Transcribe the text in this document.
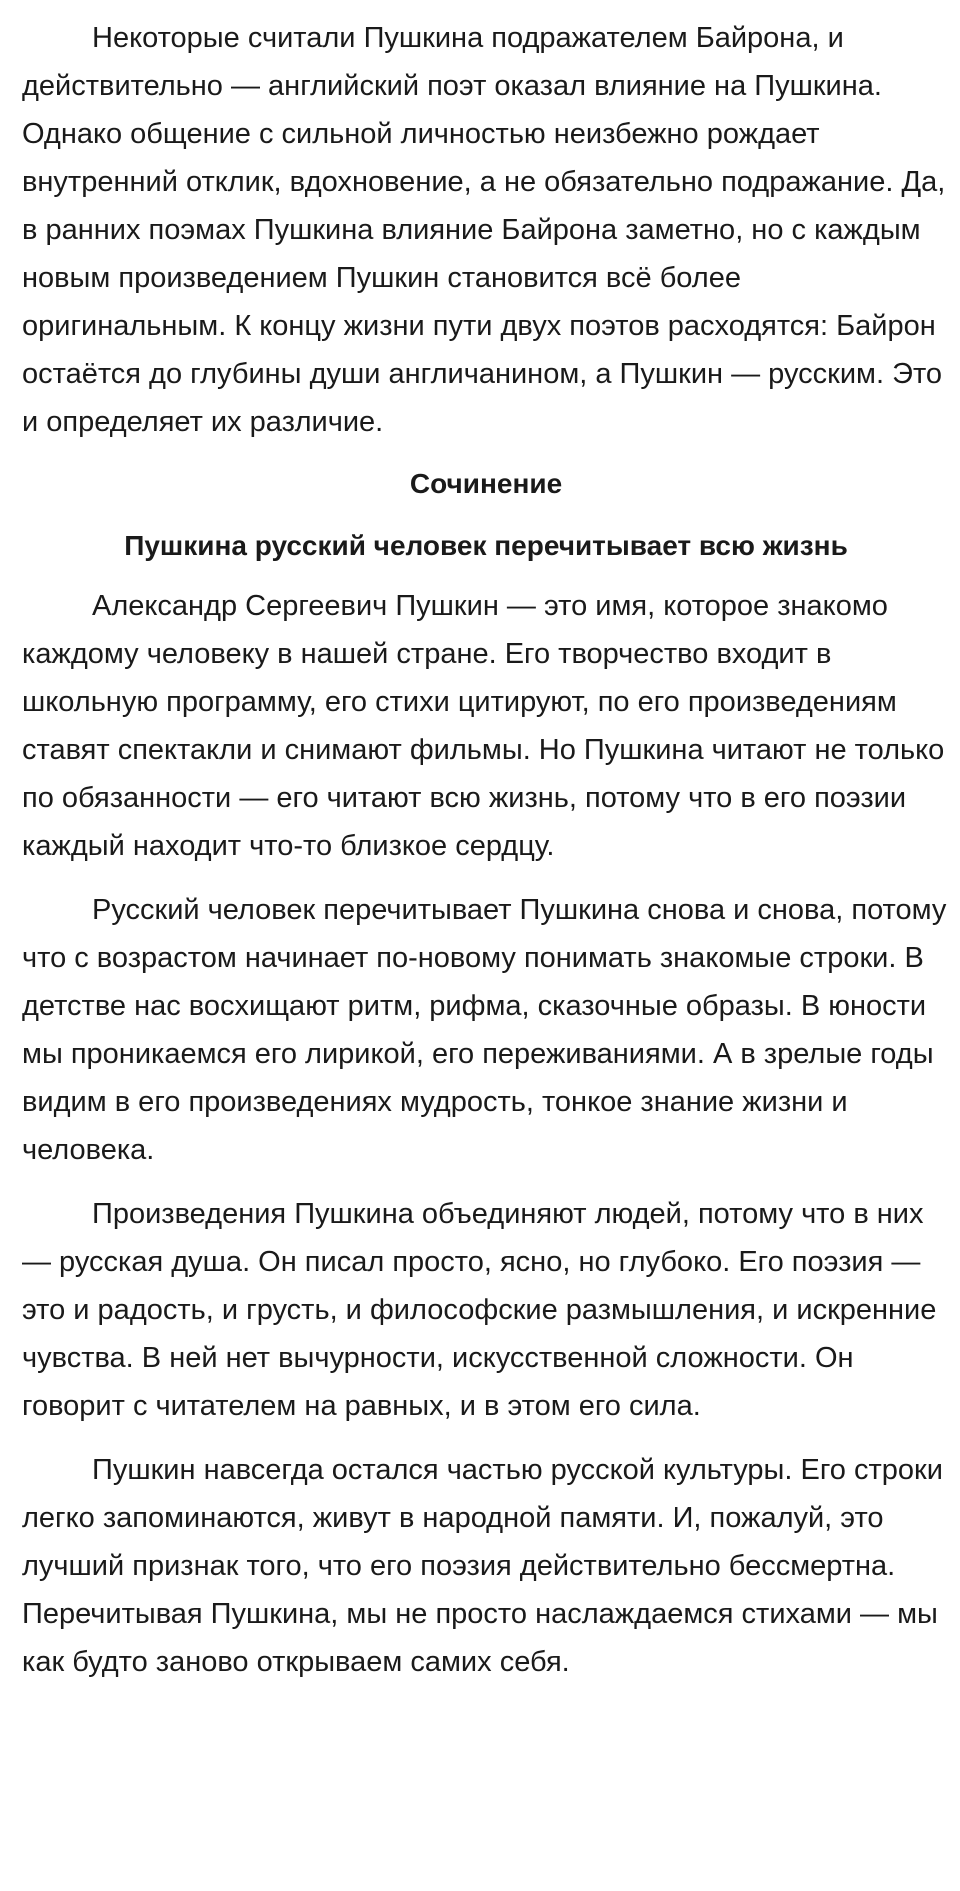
Некоторые считали Пушкина подражателем Байрона, и действительно — английский поэт оказал влияние на Пушкина. Однако общение с сильной личностью неизбежно рождает внутренний отклик, вдохновение, а не обязательно подражание. Да, в ранних поэмах Пушкина влияние Байрона заметно, но с каждым новым произведением Пушкин становится всё более оригинальным. К концу жизни пути двух поэтов расходятся: Байрон остаётся до глубины души англичанином, а Пушкин — русским. Это и определяет их различие.

Сочинение

Пушкина русский человек перечитывает всю жизнь

Александр Сергеевич Пушкин — это имя, которое знакомо каждому человеку в нашей стране. Его творчество входит в школьную программу, его стихи цитируют, по его произведениям ставят спектакли и снимают фильмы. Но Пушкина читают не только по обязанности — его читают всю жизнь, потому что в его поэзии каждый находит что-то близкое сердцу.

Русский человек перечитывает Пушкина снова и снова, потому что с возрастом начинает по-новому понимать знакомые строки. В детстве нас восхищают ритм, рифма, сказочные образы. В юности мы проникаемся его лирикой, его переживаниями. А в зрелые годы видим в его произведениях мудрость, тонкое знание жизни и человека.

Произведения Пушкина объединяют людей, потому что в них — русская душа. Он писал просто, ясно, но глубоко. Его поэзия — это и радость, и грусть, и философские размышления, и искренние чувства. В ней нет вычурности, искусственной сложности. Он говорит с читателем на равных, и в этом его сила.

Пушкин навсегда остался частью русской культуры. Его строки легко запоминаются, живут в народной памяти. И, пожалуй, это лучший признак того, что его поэзия действительно бессмертна. Перечитывая Пушкина, мы не просто наслаждаемся стихами — мы как будто заново открываем самих себя.
